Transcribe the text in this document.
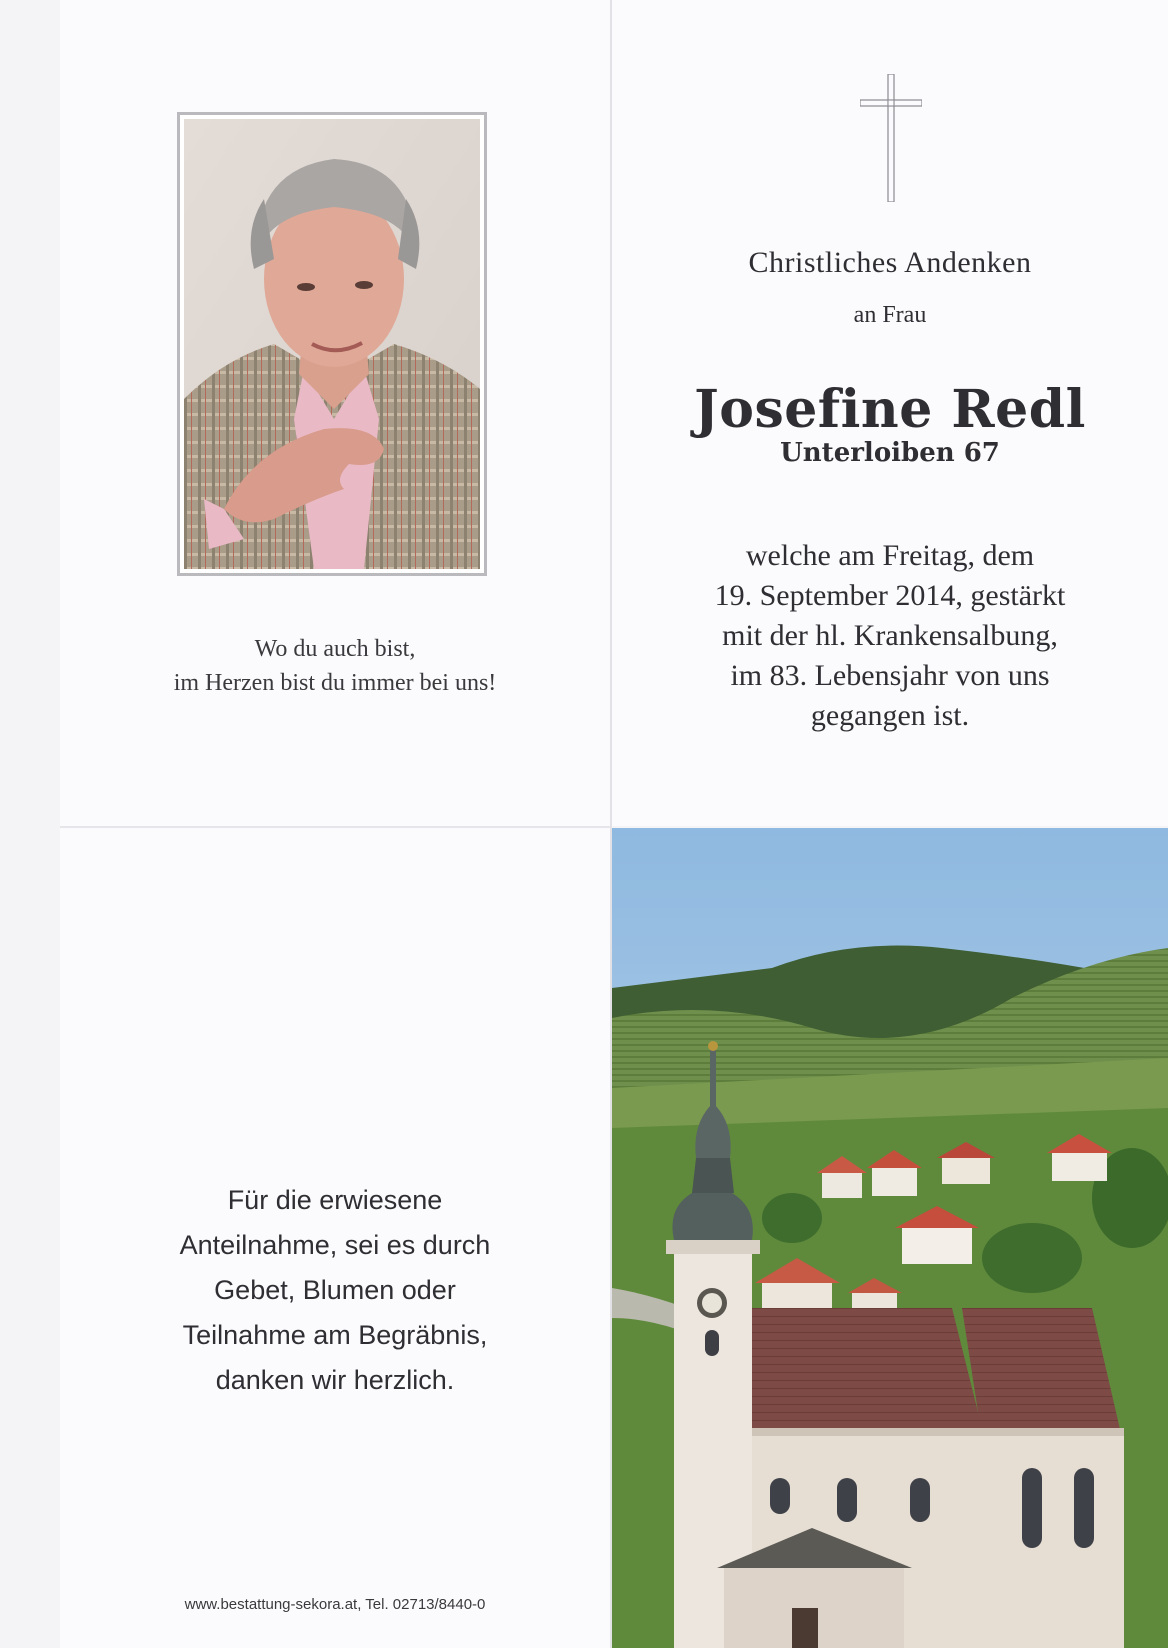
Wo du auch bist,
im Herzen bist du immer bei uns!
Christliches Andenken
an Frau
Josefine Redl
Unterloiben 67
welche am Freitag, dem
19. September 2014, gestärkt
mit der hl. Krankensalbung,
im 83. Lebensjahr von uns
gegangen ist.
Für die erwiesene
Anteilnahme, sei es durch
Gebet, Blumen oder
Teilnahme am Begräbnis,
danken wir herzlich.
www.bestattung-sekora.at, Tel. 02713/8440-0
